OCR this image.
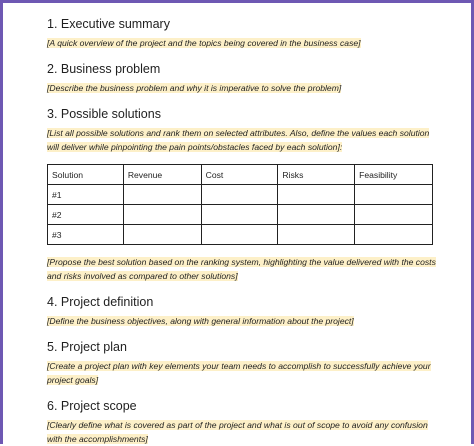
1. Executive summary

[A quick overview of the project and the topics being covered in the business case]

2. Business problem

[Describe the business problem and why it is imperative to solve the problem]

3. Possible solutions

[List all possible solutions and rank them on selected attributes. Also, define the values each solution will deliver while pinpointing the pain points/obstacles faced by each solution]:

Solution	Revenue	Cost	Risks	Feasibility
#1				
#2				
#3				

[Propose the best solution based on the ranking system, highlighting the value delivered with the costs and risks involved as compared to other solutions]

4. Project definition

[Define the business objectives, along with general information about the project]

5. Project plan

[Create a project plan with key elements your team needs to accomplish to successfully achieve your project goals]

6. Project scope

[Clearly define what is covered as part of the project and what is out of scope to avoid any confusion with the accomplishments]
